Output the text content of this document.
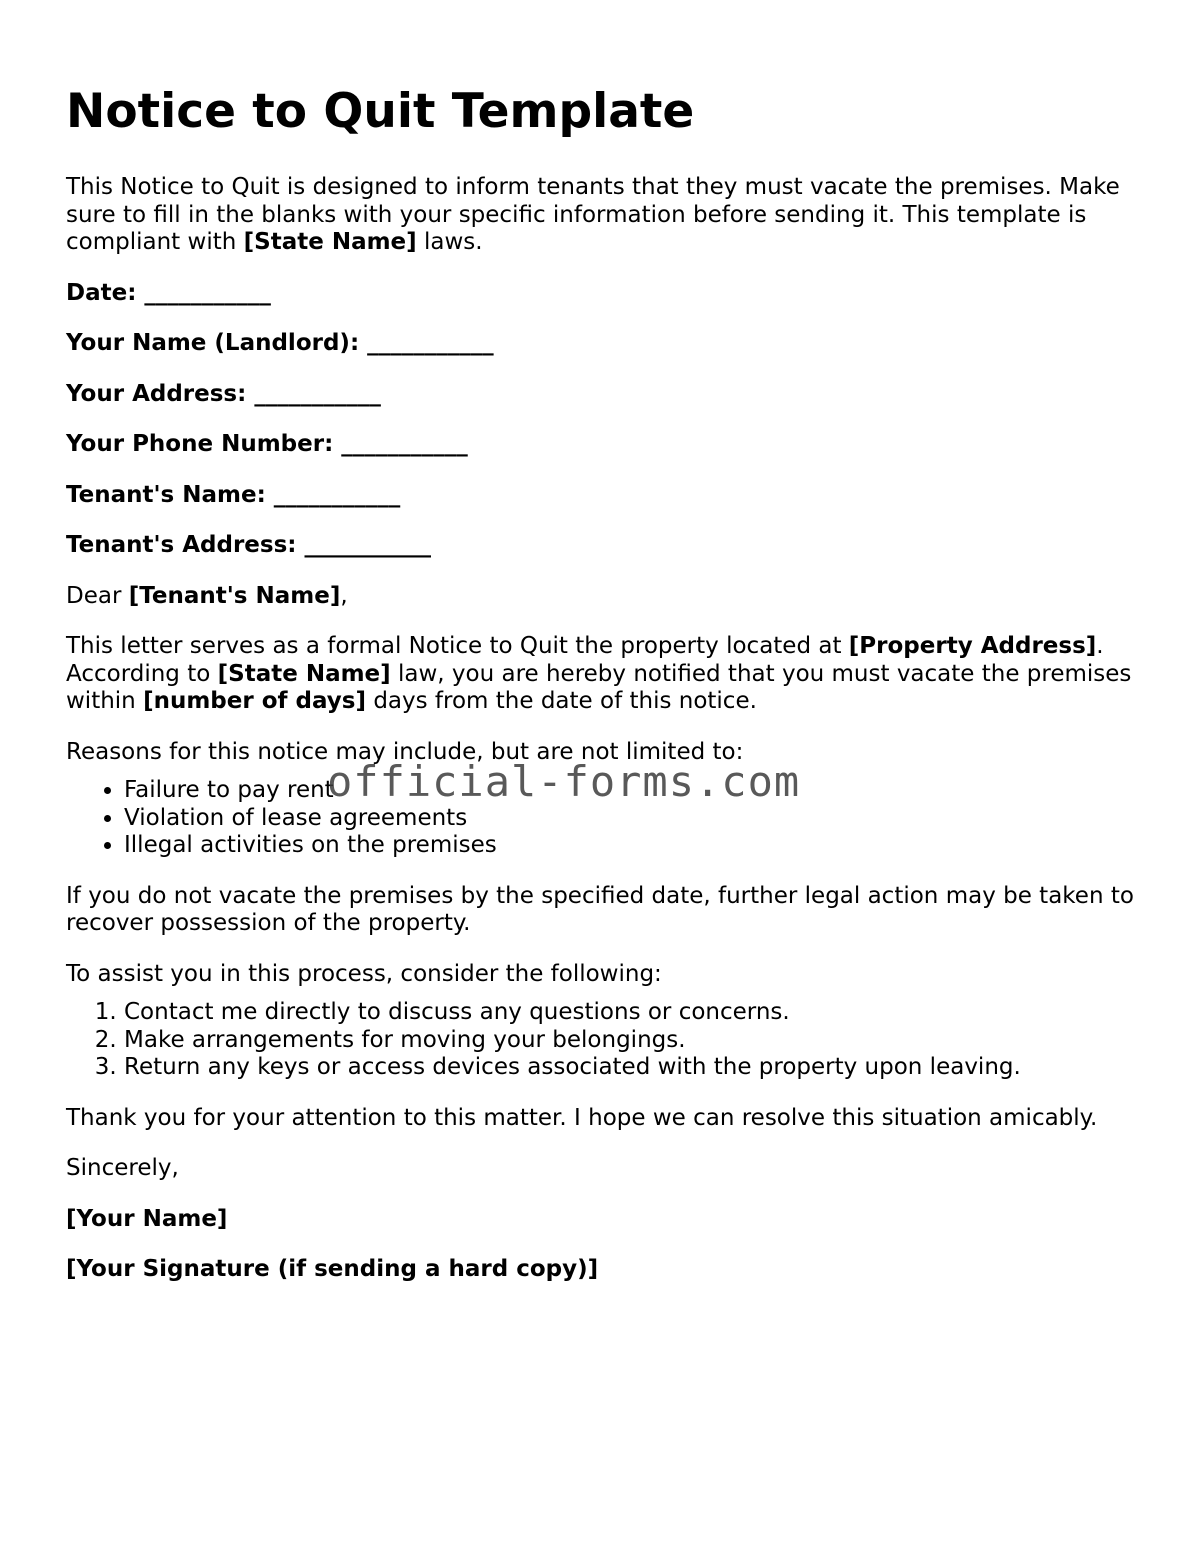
Notice to Quit Template

This Notice to Quit is designed to inform tenants that they must vacate the premises. Make sure to fill in the blanks with your specific information before sending it. This template is compliant with [State Name] laws.

Date: ___________

Your Name (Landlord): ___________

Your Address: ___________

Your Phone Number: ___________

Tenant's Name: ___________

Tenant's Address: ___________

Dear [Tenant's Name],

This letter serves as a formal Notice to Quit the property located at [Property Address]. According to [State Name] law, you are hereby notified that you must vacate the premises within [number of days] days from the date of this notice.

Reasons for this notice may include, but are not limited to:

• Failure to pay rent
• Violation of lease agreements
• Illegal activities on the premises

If you do not vacate the premises by the specified date, further legal action may be taken to recover possession of the property.

To assist you in this process, consider the following:

1. Contact me directly to discuss any questions or concerns.
2. Make arrangements for moving your belongings.
3. Return any keys or access devices associated with the property upon leaving.

Thank you for your attention to this matter. I hope we can resolve this situation amicably.

Sincerely,

[Your Name]

[Your Signature (if sending a hard copy)]

official-forms.com
